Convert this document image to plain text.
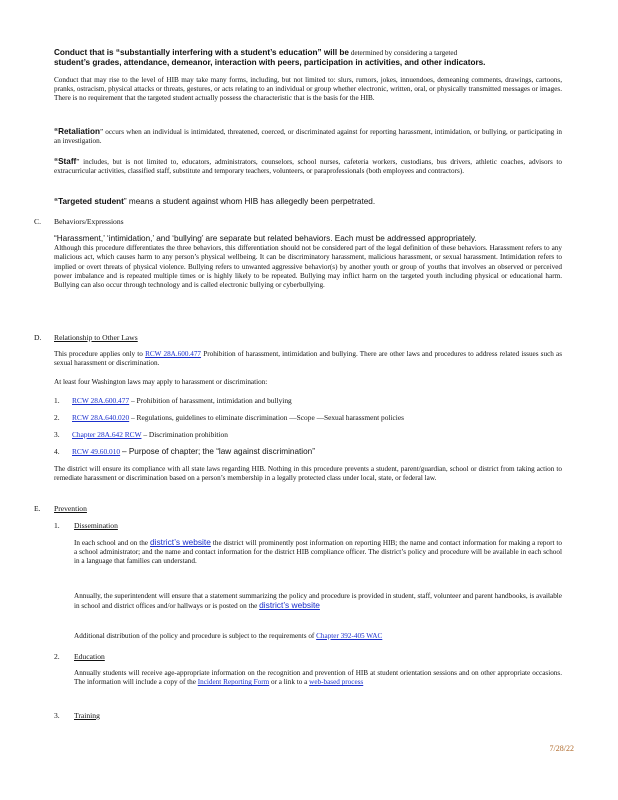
Conduct that is “substantially interfering with a student’s education” will be determined by considering a targeted
student’s grades, attendance, demeanor, interaction with peers, participation in activities, and other indicators.
Conduct that may rise to the level of HIB may take many forms, including, but not limited to: slurs, rumors, jokes, innuendoes, demeaning comments, drawings, cartoons, pranks, ostracism, physical attacks or threats, gestures, or acts relating to an individual or group whether electronic, written, oral, or physically transmitted messages or images. There is no requirement that the targeted student actually possess the characteristic that is the basis for the HIB.
“Retaliation” occurs when an individual is intimidated, threatened, coerced, or discriminated against for reporting harassment, intimidation, or bullying, or participating in an investigation.
“Staff” includes, but is not limited to, educators, administrators, counselors, school nurses, cafeteria workers, custodians, bus drivers, athletic coaches, advisors to extracurricular activities, classified staff, substitute and temporary teachers, volunteers, or paraprofessionals (both employees and contractors).
“Targeted student” means a student against whom HIB has allegedly been perpetrated.
C. Behaviors/Expressions
“Harassment,’ ‘intimidation,’ and ‘bullying’ are separate but related behaviors. Each must be addressed appropriately.
Although this procedure differentiates the three behaviors, this differentiation should not be considered part of the legal definition of these behaviors. Harassment refers to any malicious act, which causes harm to any person’s physical wellbeing. It can be discriminatory harassment, malicious harassment, or sexual harassment. Intimidation refers to implied or overt threats of physical violence. Bullying refers to unwanted aggressive behavior(s) by another youth or group of youths that involves an observed or perceived power imbalance and is repeated multiple times or is highly likely to be repeated. Bullying may inflict harm on the targeted youth including physical or educational harm. Bullying can also occur through technology and is called electronic bullying or cyberbullying.
D. Relationship to Other Laws
This procedure applies only to RCW 28A.600.477 Prohibition of harassment, intimidation and bullying. There are other laws and procedures to address related issues such as sexual harassment or discrimination.
At least four Washington laws may apply to harassment or discrimination:
1. RCW 28A.600.477 – Prohibition of harassment, intimidation and bullying
2. RCW 28A.640.020 – Regulations, guidelines to eliminate discrimination —Scope —Sexual harassment policies
3. Chapter 28A.642 RCW – Discrimination prohibition
4. RCW 49.60.010 – Purpose of chapter; the “law against discrimination”
The district will ensure its compliance with all state laws regarding HIB. Nothing in this procedure prevents a student, parent/guardian, school or district from taking action to remediate harassment or discrimination based on a person’s membership in a legally protected class under local, state, or federal law.
E. Prevention
1. Dissemination
In each school and on the district’s website the district will prominently post information on reporting HIB; the name and contact information for making a report to a school administrator; and the name and contact information for the district HIB compliance officer. The district’s policy and procedure will be available in each school in a language that families can understand.
Annually, the superintendent will ensure that a statement summarizing the policy and procedure is provided in student, staff, volunteer and parent handbooks, is available in school and district offices and/or hallways or is posted on the district’s website
Additional distribution of the policy and procedure is subject to the requirements of Chapter 392-405 WAC
2. Education
Annually students will receive age-appropriate information on the recognition and prevention of HIB at student orientation sessions and on other appropriate occasions. The information will include a copy of the Incident Reporting Form or a link to a web-based process
3. Training
7/28/22
